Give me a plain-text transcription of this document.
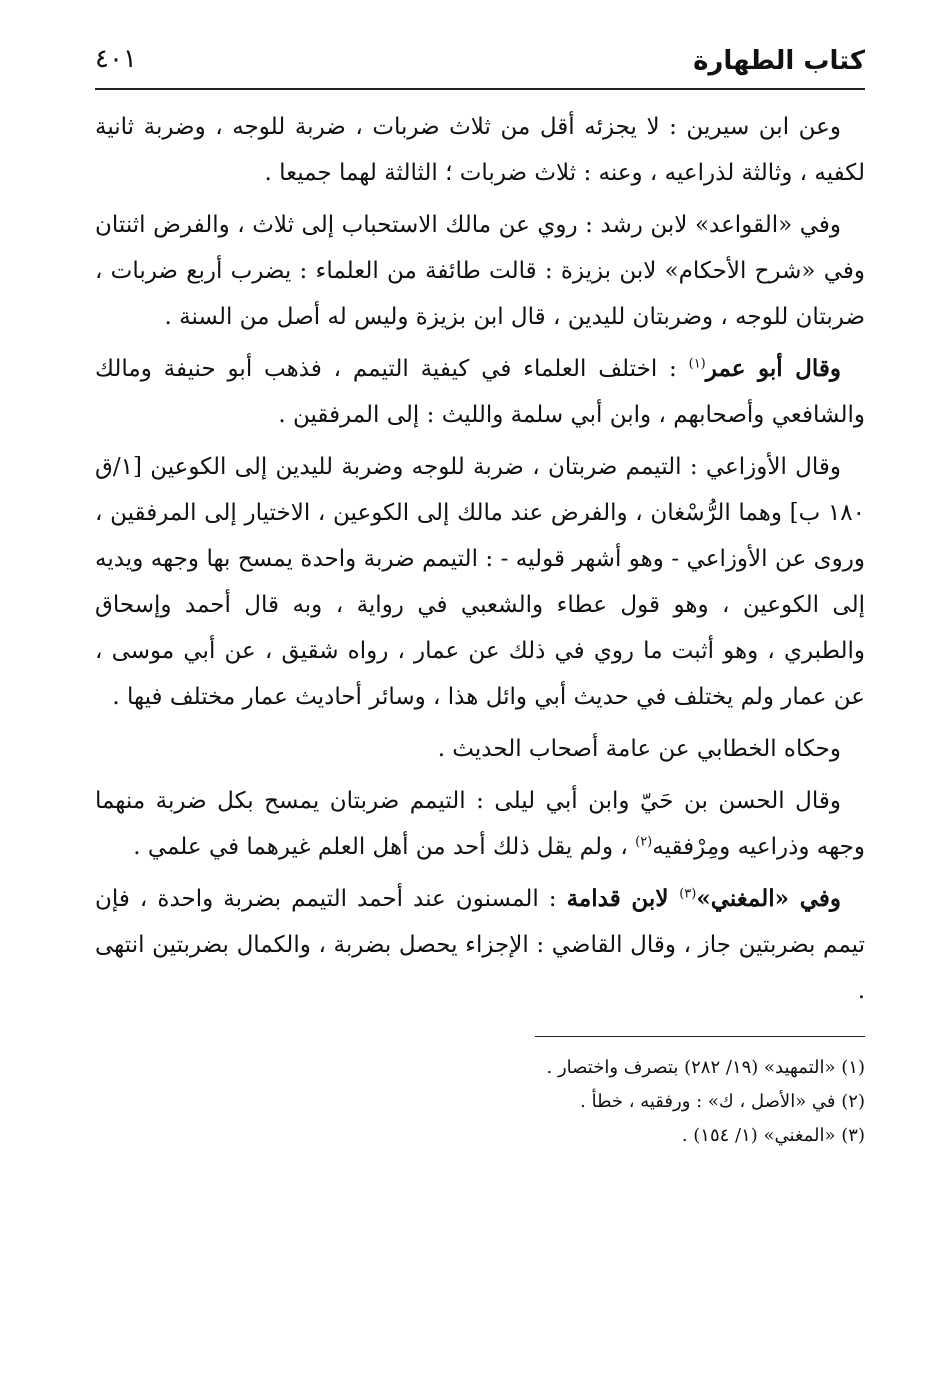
كتاب الطهارة
٤٠١

وعن ابن سيرين : لا يجزئه أقل من ثلاث ضربات ، ضربة للوجه ، وضربة ثانية لكفيه ، وثالثة لذراعيه ، وعنه : ثلاث ضربات ؛ الثالثة لهما جميعا .

وفي «القواعد» لابن رشد : روي عن مالك الاستحباب إلى ثلاث ، والفرض اثنتان وفي «شرح الأحكام» لابن بزيزة : قالت طائفة من العلماء : يضرب أربع ضربات ، ضربتان للوجه ، وضربتان لليدين ، قال ابن بزيزة وليس له أصل من السنة .

وقال أبو عمر$^{(١)}$ : اختلف العلماء في كيفية التيمم ، فذهب أبو حنيفة ومالك والشافعي وأصحابهم ، وابن أبي سلمة والليث : إلى المرفقين .

وقال الأوزاعي : التيمم ضربتان ، ضربة للوجه وضربة لليدين إلى الكوعين [١/ق ١٨٠ ب] وهما الرُّسْغان ، والفرض عند مالك إلى الكوعين ، الاختيار إلى المرفقين ، وروى عن الأوزاعي - وهو أشهر قوليه - : التيمم ضربة واحدة يمسح بها وجهه ويديه إلى الكوعين ، وهو قول عطاء والشعبي في رواية ، وبه قال أحمد وإسحاق والطبري ، وهو أثبت ما روي في ذلك عن عمار ، رواه شقيق ، عن أبي موسى ، عن عمار ولم يختلف في حديث أبي وائل هذا ، وسائر أحاديث عمار مختلف فيها .

وحكاه الخطابي عن عامة أصحاب الحديث .

وقال الحسن بن حَيّ وابن أبي ليلى : التيمم ضربتان يمسح بكل ضربة منهما وجهه وذراعيه ومِرْفقيه$^{(٢)}$ ، ولم يقل ذلك أحد من أهل العلم غيرهما في علمي .

وفي «المغني»$^{(٣)}$ لابن قدامة : المسنون عند أحمد التيمم بضربة واحدة ، فإن تيمم بضربتين جاز ، وقال القاضي : الإجزاء يحصل بضربة ، والكمال بضربتين انتهى .

(١) «التمهيد» (١٩/ ٢٨٢) بتصرف واختصار .
(٢) في «الأصل ، ك» : ورفقيه ، خطأ .
(٣) «المغني» (١/ ١٥٤) .
